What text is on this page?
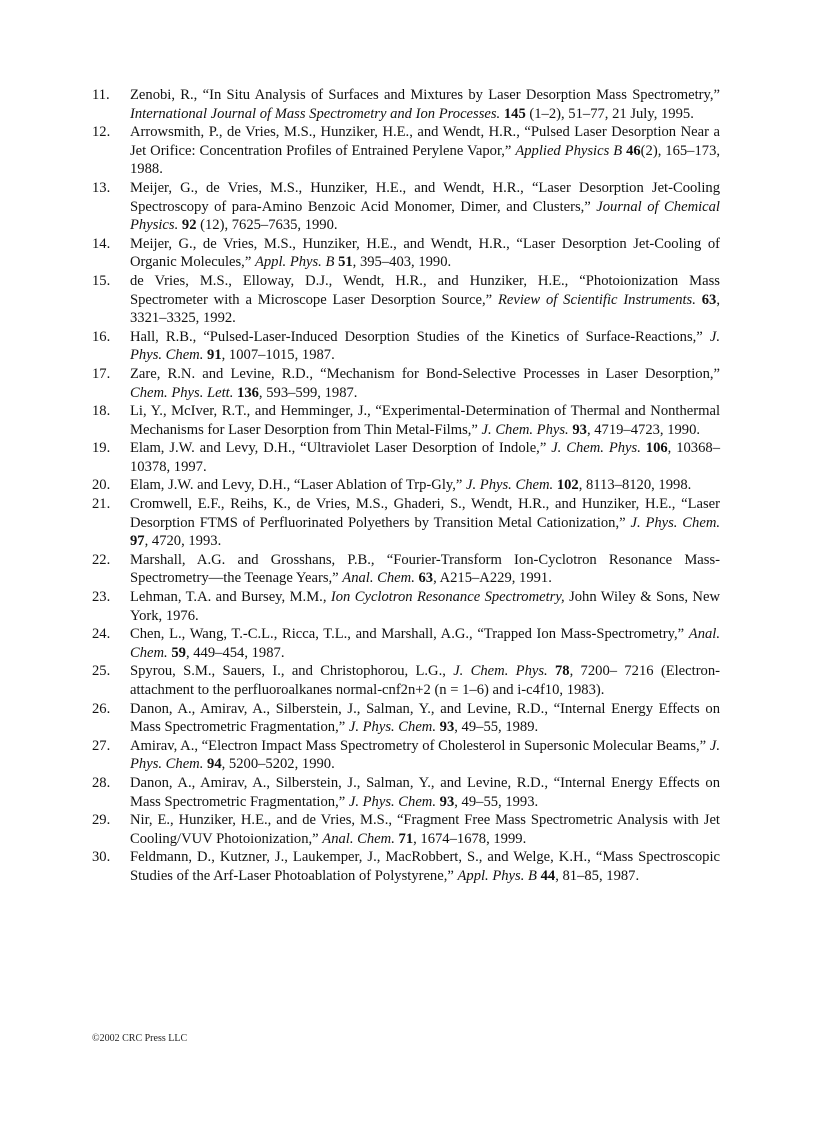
11.	Zenobi, R., “In Situ Analysis of Surfaces and Mixtures by Laser Desorption Mass Spectrometry,” International Journal of Mass Spectrometry and Ion Processes. 145 (1–2), 51–77, 21 July, 1995.
12.	Arrowsmith, P., de Vries, M.S., Hunziker, H.E., and Wendt, H.R., “Pulsed Laser Desorption Near a Jet Orifice: Concentration Profiles of Entrained Perylene Vapor,” Applied Physics B 46(2), 165–173, 1988.
13.	Meijer, G., de Vries, M.S., Hunziker, H.E., and Wendt, H.R., “Laser Desorption Jet-Cooling Spectroscopy of para-Amino Benzoic Acid Monomer, Dimer, and Clusters,” Journal of Chemical Physics. 92 (12), 7625–7635, 1990.
14.	Meijer, G., de Vries, M.S., Hunziker, H.E., and Wendt, H.R., “Laser Desorption Jet-Cooling of Organic Molecules,” Appl. Phys. B 51, 395–403, 1990.
15.	de Vries, M.S., Elloway, D.J., Wendt, H.R., and Hunziker, H.E., “Photoionization Mass Spectrometer with a Microscope Laser Desorption Source,” Review of Scientific Instruments. 63, 3321–3325, 1992.
16.	Hall, R.B., “Pulsed-Laser-Induced Desorption Studies of the Kinetics of Surface-Reactions,” J. Phys. Chem. 91, 1007–1015, 1987.
17.	Zare, R.N. and Levine, R.D., “Mechanism for Bond-Selective Processes in Laser Desorption,” Chem. Phys. Lett. 136, 593–599, 1987.
18.	Li, Y., McIver, R.T., and Hemminger, J., “Experimental-Determination of Thermal and Nonthermal Mechanisms for Laser Desorption from Thin Metal-Films,” J. Chem. Phys. 93, 4719–4723, 1990.
19.	Elam, J.W. and Levy, D.H., “Ultraviolet Laser Desorption of Indole,” J. Chem. Phys. 106, 10368–10378, 1997.
20.	Elam, J.W. and Levy, D.H., “Laser Ablation of Trp-Gly,” J. Phys. Chem. 102, 8113–8120, 1998.
21.	Cromwell, E.F., Reihs, K., de Vries, M.S., Ghaderi, S., Wendt, H.R., and Hunziker, H.E., “Laser Desorption FTMS of Perfluorinated Polyethers by Transition Metal Cationization,” J. Phys. Chem. 97, 4720, 1993.
22.	Marshall, A.G. and Grosshans, P.B., “Fourier-Transform Ion-Cyclotron Resonance Mass-Spectrometry—the Teenage Years,” Anal. Chem. 63, A215–A229, 1991.
23.	Lehman, T.A. and Bursey, M.M., Ion Cyclotron Resonance Spectrometry, John Wiley & Sons, New York, 1976.
24.	Chen, L., Wang, T.-C.L., Ricca, T.L., and Marshall, A.G., “Trapped Ion Mass-Spectrometry,” Anal. Chem. 59, 449–454, 1987.
25.	Spyrou, S.M., Sauers, I., and Christophorou, L.G., J. Chem. Phys. 78, 7200– 7216 (Electron-attachment to the perfluoroalkanes normal-cnf2n+2 (n = 1–6) and i-c4f10, 1983).
26.	Danon, A., Amirav, A., Silberstein, J., Salman, Y., and Levine, R.D., “Internal Energy Effects on Mass Spectrometric Fragmentation,” J. Phys. Chem. 93, 49–55, 1989.
27.	Amirav, A., “Electron Impact Mass Spectrometry of Cholesterol in Supersonic Molecular Beams,” J. Phys. Chem. 94, 5200–5202, 1990.
28.	Danon, A., Amirav, A., Silberstein, J., Salman, Y., and Levine, R.D., “Internal Energy Effects on Mass Spectrometric Fragmentation,” J. Phys. Chem. 93, 49–55, 1993.
29.	Nir, E., Hunziker, H.E., and de Vries, M.S., “Fragment Free Mass Spectrometric Analysis with Jet Cooling/VUV Photoionization,” Anal. Chem. 71, 1674–1678, 1999.
30.	Feldmann, D., Kutzner, J., Laukemper, J., MacRobbert, S., and Welge, K.H., “Mass Spectroscopic Studies of the Arf-Laser Photoablation of Polystyrene,” Appl. Phys. B 44, 81–85, 1987.
©2002 CRC Press LLC
